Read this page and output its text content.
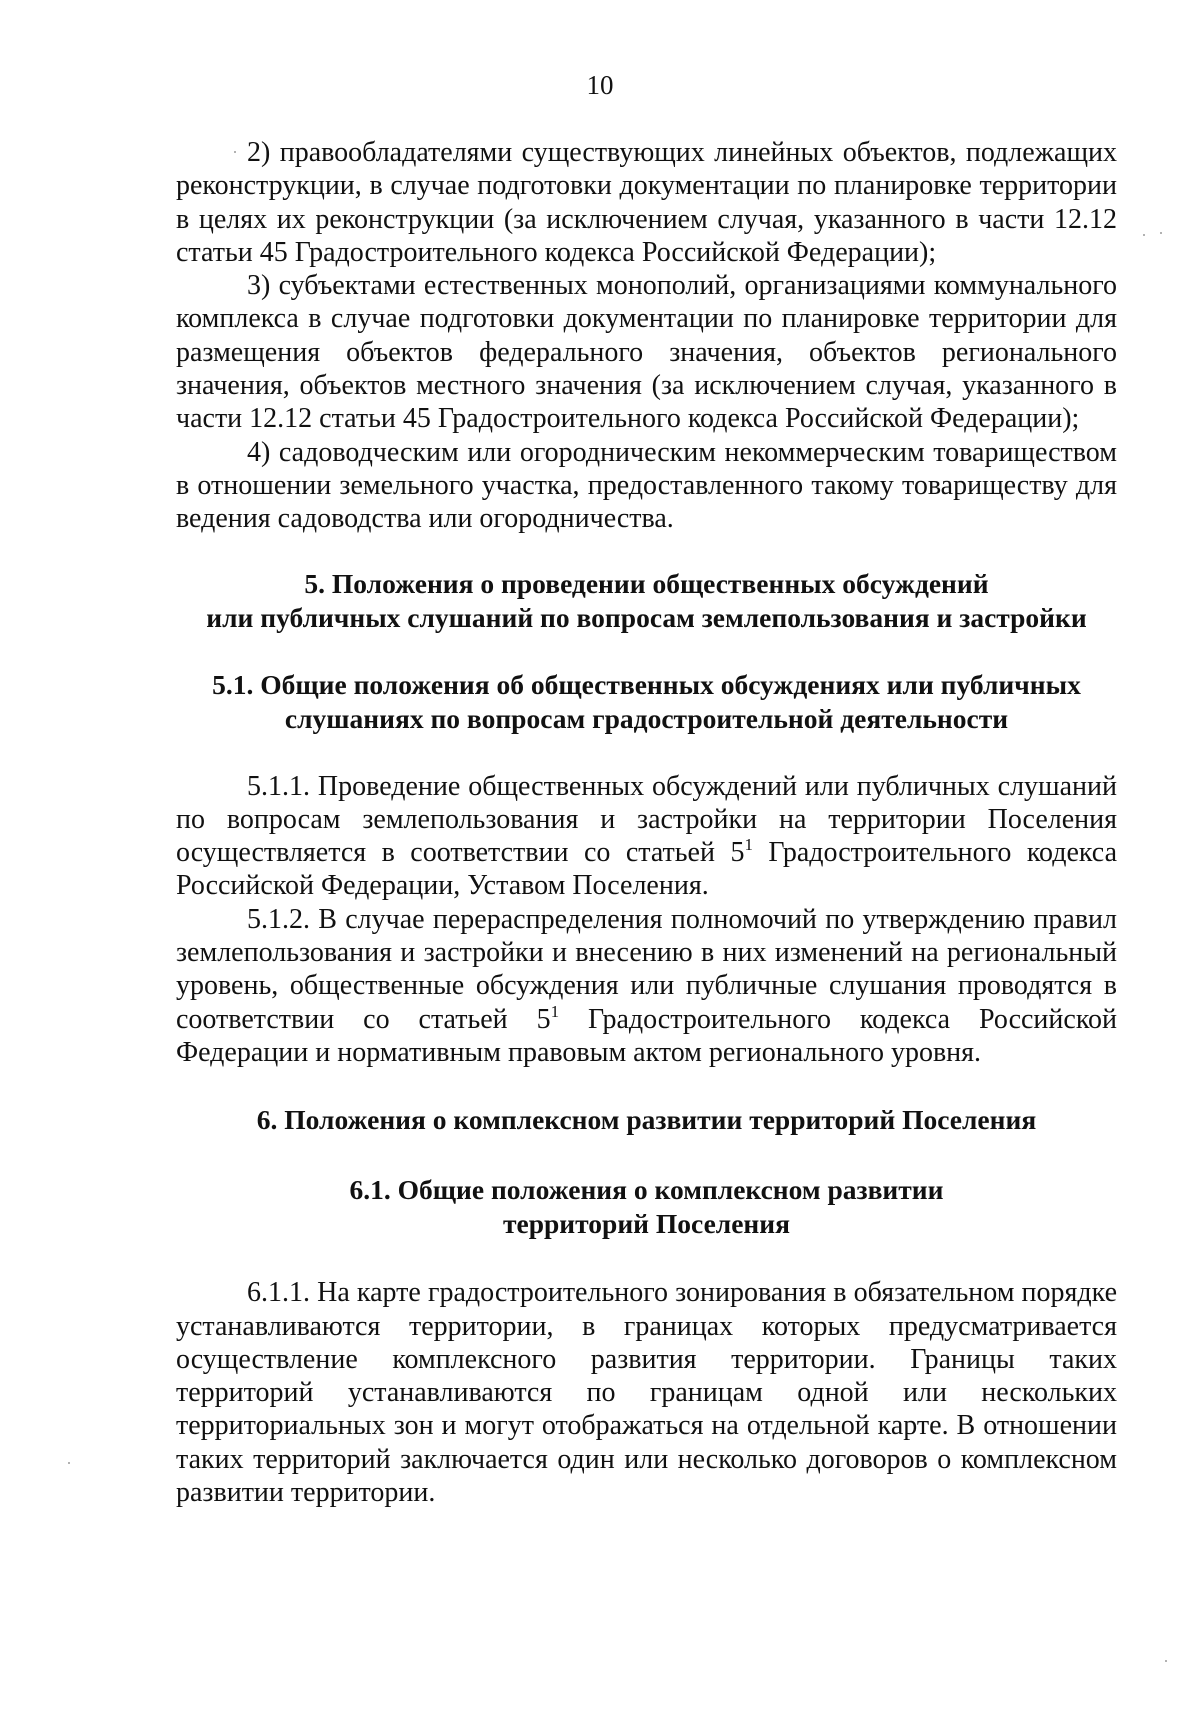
10

2) правообладателями существующих линейных объектов, подлежащих реконструкции, в случае подготовки документации по планировке территории в целях их реконструкции (за исключением случая, указанного в части 12.12 статьи 45 Градостроительного кодекса Российской Федерации);

3) субъектами естественных монополий, организациями коммунального комплекса в случае подготовки документации по планировке территории для размещения объектов федерального значения, объектов регионального значения, объектов местного значения (за исключением случая, указанного в части 12.12 статьи 45 Градостроительного кодекса Российской Федерации);

4) садоводческим или огородническим некоммерческим товариществом в отношении земельного участка, предоставленного такому товариществу для ведения садоводства или огородничества.

5. Положения о проведении общественных обсуждений
или публичных слушаний по вопросам землепользования и застройки
5.1. Общие положения об общественных обсуждениях или публичных
слушаниях по вопросам градостроительной деятельности

5.1.1. Проведение общественных обсуждений или публичных слушаний по вопросам землепользования и застройки на территории Поселения осуществляется в соответствии со статьей $5^1$ Градостроительного кодекса Российской Федерации, Уставом Поселения.

5.1.2. В случае перераспределения полномочий по утверждению правил землепользования и застройки и внесению в них изменений на региональный уровень, общественные обсуждения или публичные слушания проводятся в соответствии со статьей $5^1$ Градостроительного кодекса Российской Федерации и нормативным правовым актом регионального уровня.

6. Положения о комплексном развитии территорий Поселения
6.1. Общие положения о комплексном развитии
территорий Поселения

6.1.1. На карте градостроительного зонирования в обязательном порядке устанавливаются территории, в границах которых предусматривается осуществление комплексного развития территории. Границы таких территорий устанавливаются по границам одной или нескольких территориальных зон и могут отображаться на отдельной карте. В отношении таких территорий заключается один или несколько договоров о комплексном развитии территории.
